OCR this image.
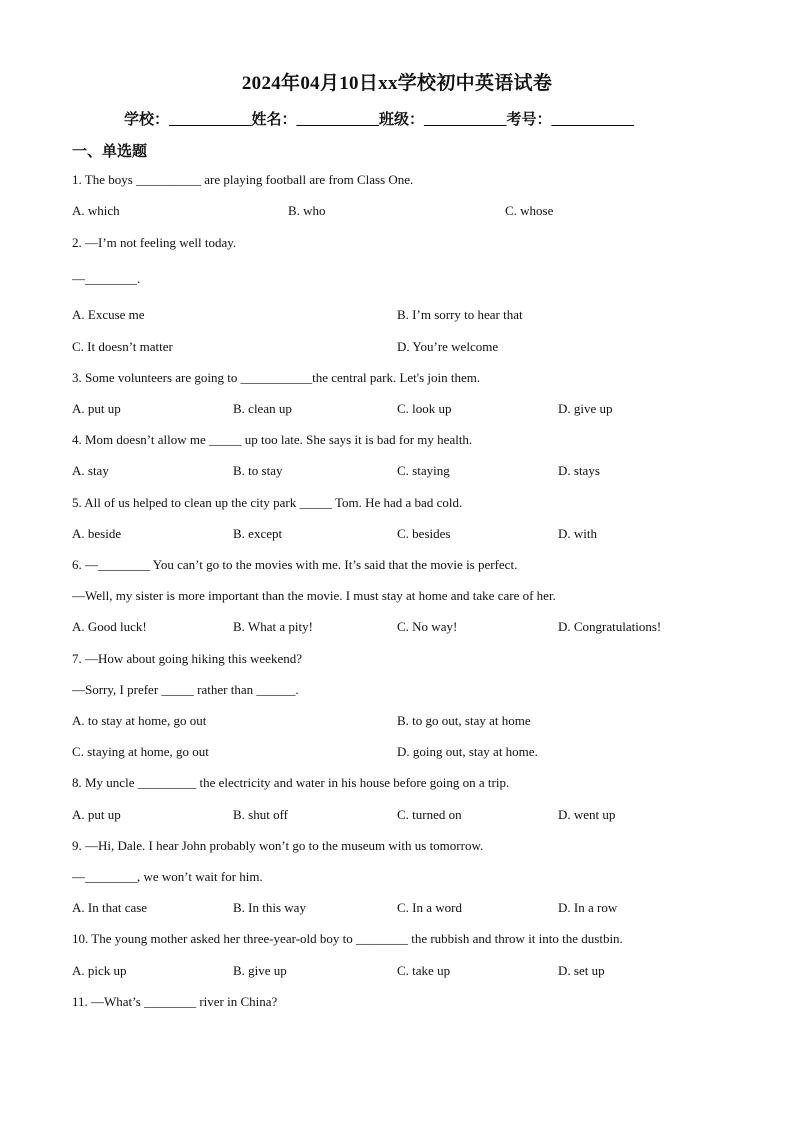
2024年04月10日xx学校初中英语试卷
学校：___________姓名：___________班级：___________考号：___________
一、单选题
1. The boys __________ are playing football are from Class One.
A. which	B. who	C. whose
2. —I’m not feeling well today.
—________.
A. Excuse me	B. I’m sorry to hear that
C. It doesn’t matter	D. You’re welcome
3. Some volunteers are going to ___________the central park. Let's join them.
A. put up	B. clean up	C. look up	D. give up
4. Mom doesn’t allow me _____ up too late. She says it is bad for my health.
A. stay	B. to stay	C. staying	D. stays
5. All of us helped to clean up the city park _____ Tom. He had a bad cold.
A. beside	B. except	C. besides	D. with
6. —________ You can’t go to the movies with me. It’s said that the movie is perfect.
—Well, my sister is more important than the movie. I must stay at home and take care of her.
A. Good luck!	B. What a pity!	C. No way!	D. Congratulations!
7. —How about going hiking this weekend?
—Sorry, I prefer _____ rather than ______.
A. to stay at home, go out	B. to go out, stay at home
C. staying at home, go out	D. going out, stay at home.
8. My uncle _________ the electricity and water in his house before going on a trip.
A. put up	B. shut off	C. turned on	D. went up
9. —Hi, Dale. I hear John probably won’t go to the museum with us tomorrow.
—________, we won’t wait for him.
A. In that case	B. In this way	C. In a word	D. In a row
10. The young mother asked her three-year-old boy to ________ the rubbish and throw it into the dustbin.
A. pick up	B. give up	C. take up	D. set up
11. —What’s ________ river in China?
